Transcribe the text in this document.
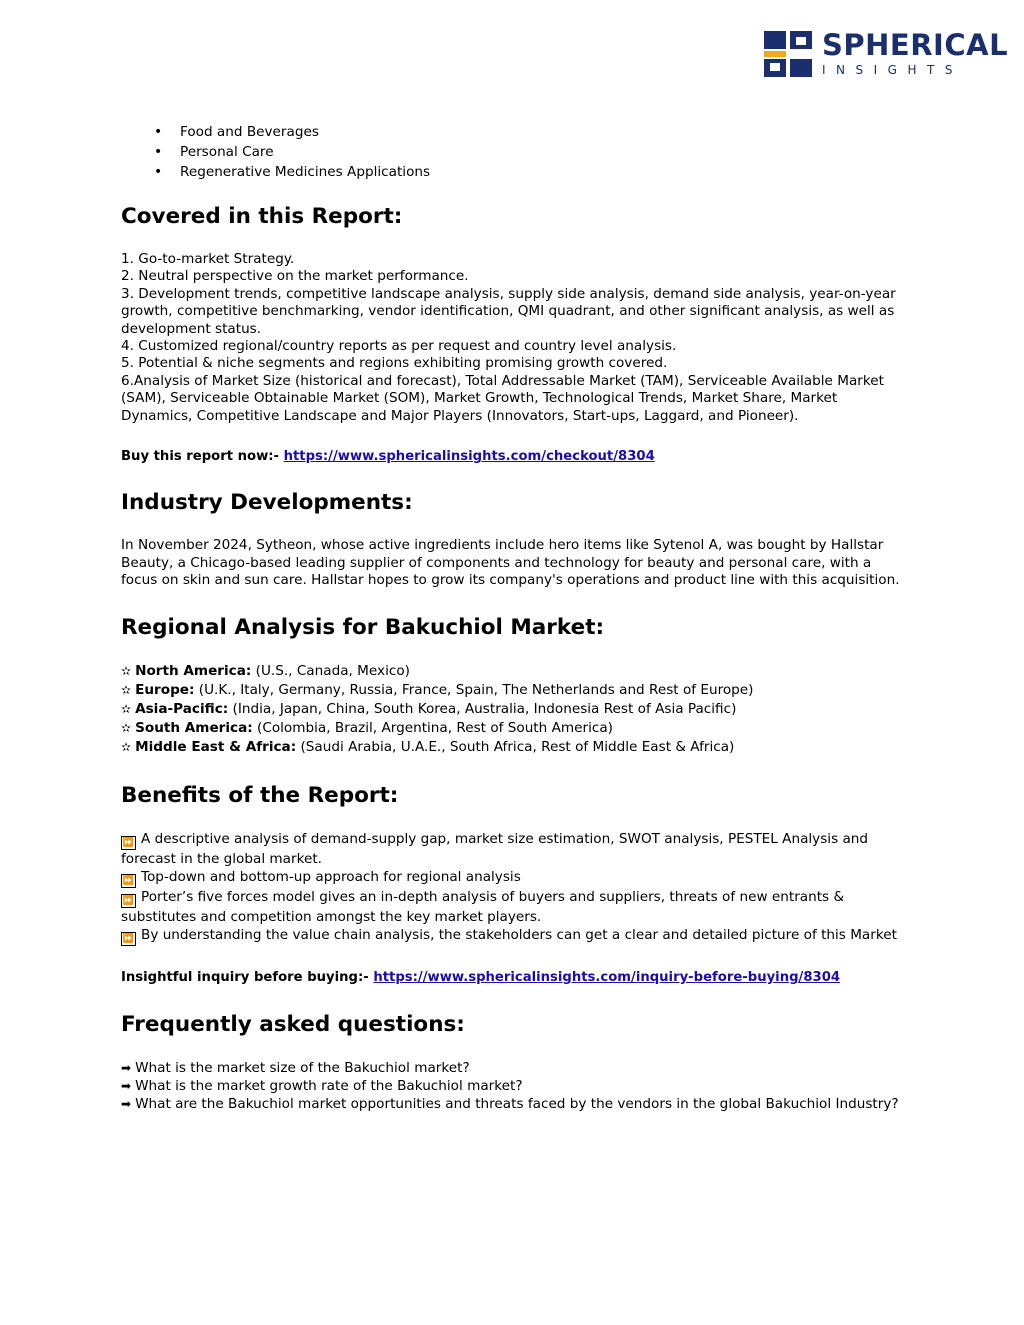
SPHERICAL
INSIGHTS
• Food and Beverages
• Personal Care
• Regenerative Medicines Applications
Covered in this Report:
1. Go-to-market Strategy.
2. Neutral perspective on the market performance.
3. Development trends, competitive landscape analysis, supply side analysis, demand side analysis, year-on-year growth, competitive benchmarking, vendor identification, QMI quadrant, and other significant analysis, as well as development status.
4. Customized regional/country reports as per request and country level analysis.
5. Potential & niche segments and regions exhibiting promising growth covered.
6.Analysis of Market Size (historical and forecast), Total Addressable Market (TAM), Serviceable Available Market (SAM), Serviceable Obtainable Market (SOM), Market Growth, Technological Trends, Market Share, Market Dynamics, Competitive Landscape and Major Players (Innovators, Start-ups, Laggard, and Pioneer).
Buy this report now:- https://www.sphericalinsights.com/checkout/8304
Industry Developments:

In November 2024, Sytheon, whose active ingredients include hero items like Sytenol A, was bought by Hallstar Beauty, a Chicago-based leading supplier of components and technology for beauty and personal care, with a focus on skin and sun care. Hallstar hopes to grow its company's operations and product line with this acquisition.

Regional Analysis for Bakuchiol Market:
✫ North America: (U.S., Canada, Mexico)
✫ Europe: (U.K., Italy, Germany, Russia, France, Spain, The Netherlands and Rest of Europe)
✫ Asia-Pacific: (India, Japan, China, South Korea, Australia, Indonesia Rest of Asia Pacific)
✫ South America: (Colombia, Brazil, Argentina, Rest of South America)
✫ Middle East & Africa: (Saudi Arabia, U.A.E., South Africa, Rest of Middle East & Africa)
Benefits of the Report:
⏩ A descriptive analysis of demand-supply gap, market size estimation, SWOT analysis, PESTEL Analysis and forecast in the global market.
⏩ Top-down and bottom-up approach for regional analysis
⏩ Porter’s five forces model gives an in-depth analysis of buyers and suppliers, threats of new entrants & substitutes and competition amongst the key market players.
⏩ By understanding the value chain analysis, the stakeholders can get a clear and detailed picture of this Market
Insightful inquiry before buying:- https://www.sphericalinsights.com/inquiry-before-buying/8304
Frequently asked questions:
➡ What is the market size of the Bakuchiol market?
➡ What is the market growth rate of the Bakuchiol market?
➡ What are the Bakuchiol market opportunities and threats faced by the vendors in the global Bakuchiol Industry?
